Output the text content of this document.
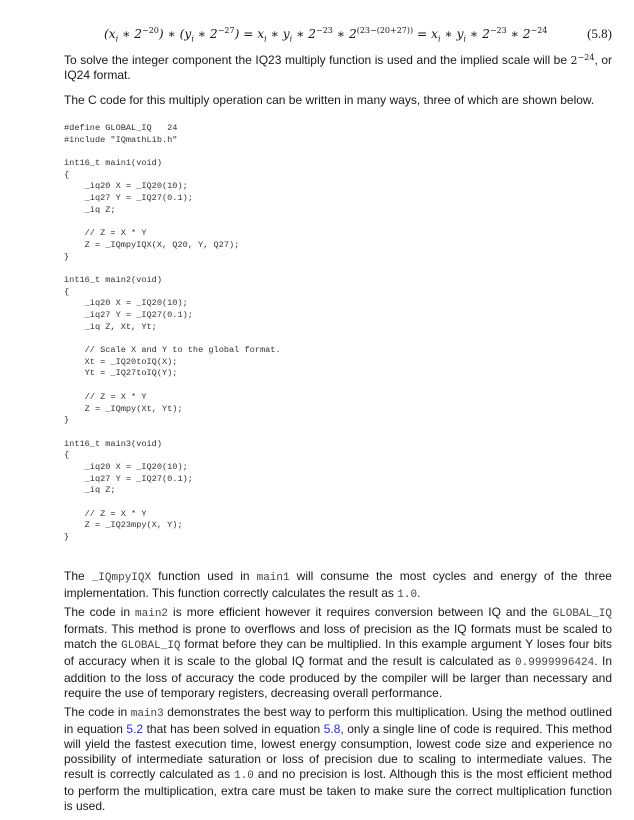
($x_i$ ∗ $2^{-20}$) ∗ ($y_i$ ∗ $2^{-27}) = x_i$ ∗ $y_i$ ∗ $2^{-23}$ ∗ $2^{(23-(20+27))} = x_i$ ∗ $y_i$ ∗ $2^{-23}$ ∗ $2^{-24}$	(5.8)
To solve the integer component the IQ23 multiply function is used and the implied scale will be $2^{-24}$, or IQ24 format.
The C code for this multiply operation can be written in many ways, three of which are shown below.
#define GLOBAL_IQ   24
#include "IQmathLib.h"
int16_t main1(void)
{
_iq20 X = _IQ20(10);
_iq27 Y = _IQ27(0.1);
_iq Z;
// Z = X * Y
Z = _IQmpyIQX(X, Q20, Y, Q27);
}
int16_t main2(void)
{
_iq20 X = _IQ20(10);
_iq27 Y = _IQ27(0.1);
_iq Z, Xt, Yt;
// Scale X and Y to the global format.
Xt = _IQ20toIQ(X);
Yt = _IQ27toIQ(Y);
// Z = X * Y
Z = _IQmpy(Xt, Yt);
}
int16_t main3(void)
{
_iq20 X = _IQ20(10);
_iq27 Y = _IQ27(0.1);
_iq Z;
// Z = X * Y
Z = _IQ23mpy(X, Y);
}
The _IQmpyIQX function used in main1 will consume the most cycles and energy of the three implementation. This function correctly calculates the result as 1.0.
The code in main2 is more efficient however it requires conversion between IQ and the GLOBAL_IQ formats. This method is prone to overflows and loss of precision as the IQ formats must be scaled to match the GLOBAL_IQ format before they can be multiplied. In this example argument Y loses four bits of accuracy when it is scale to the global IQ format and the result is calculated as 0.9999996424. In addition to the loss of accuracy the code produced by the compiler will be larger than necessary and require the use of temporary registers, decreasing overall performance.
The code in main3 demonstrates the best way to perform this multiplication. Using the method outlined in equation 5.2 that has been solved in equation 5.8, only a single line of code is required. This method will yield the fastest execution time, lowest energy consumption, lowest code size and experience no possibility of intermediate saturation or loss of precision due to scaling to intermediate values. The result is correctly calculated as 1.0 and no precision is lost. Although this is the most efficient method to perform the multiplication, extra care must be taken to make sure the correct multiplication function is used.
